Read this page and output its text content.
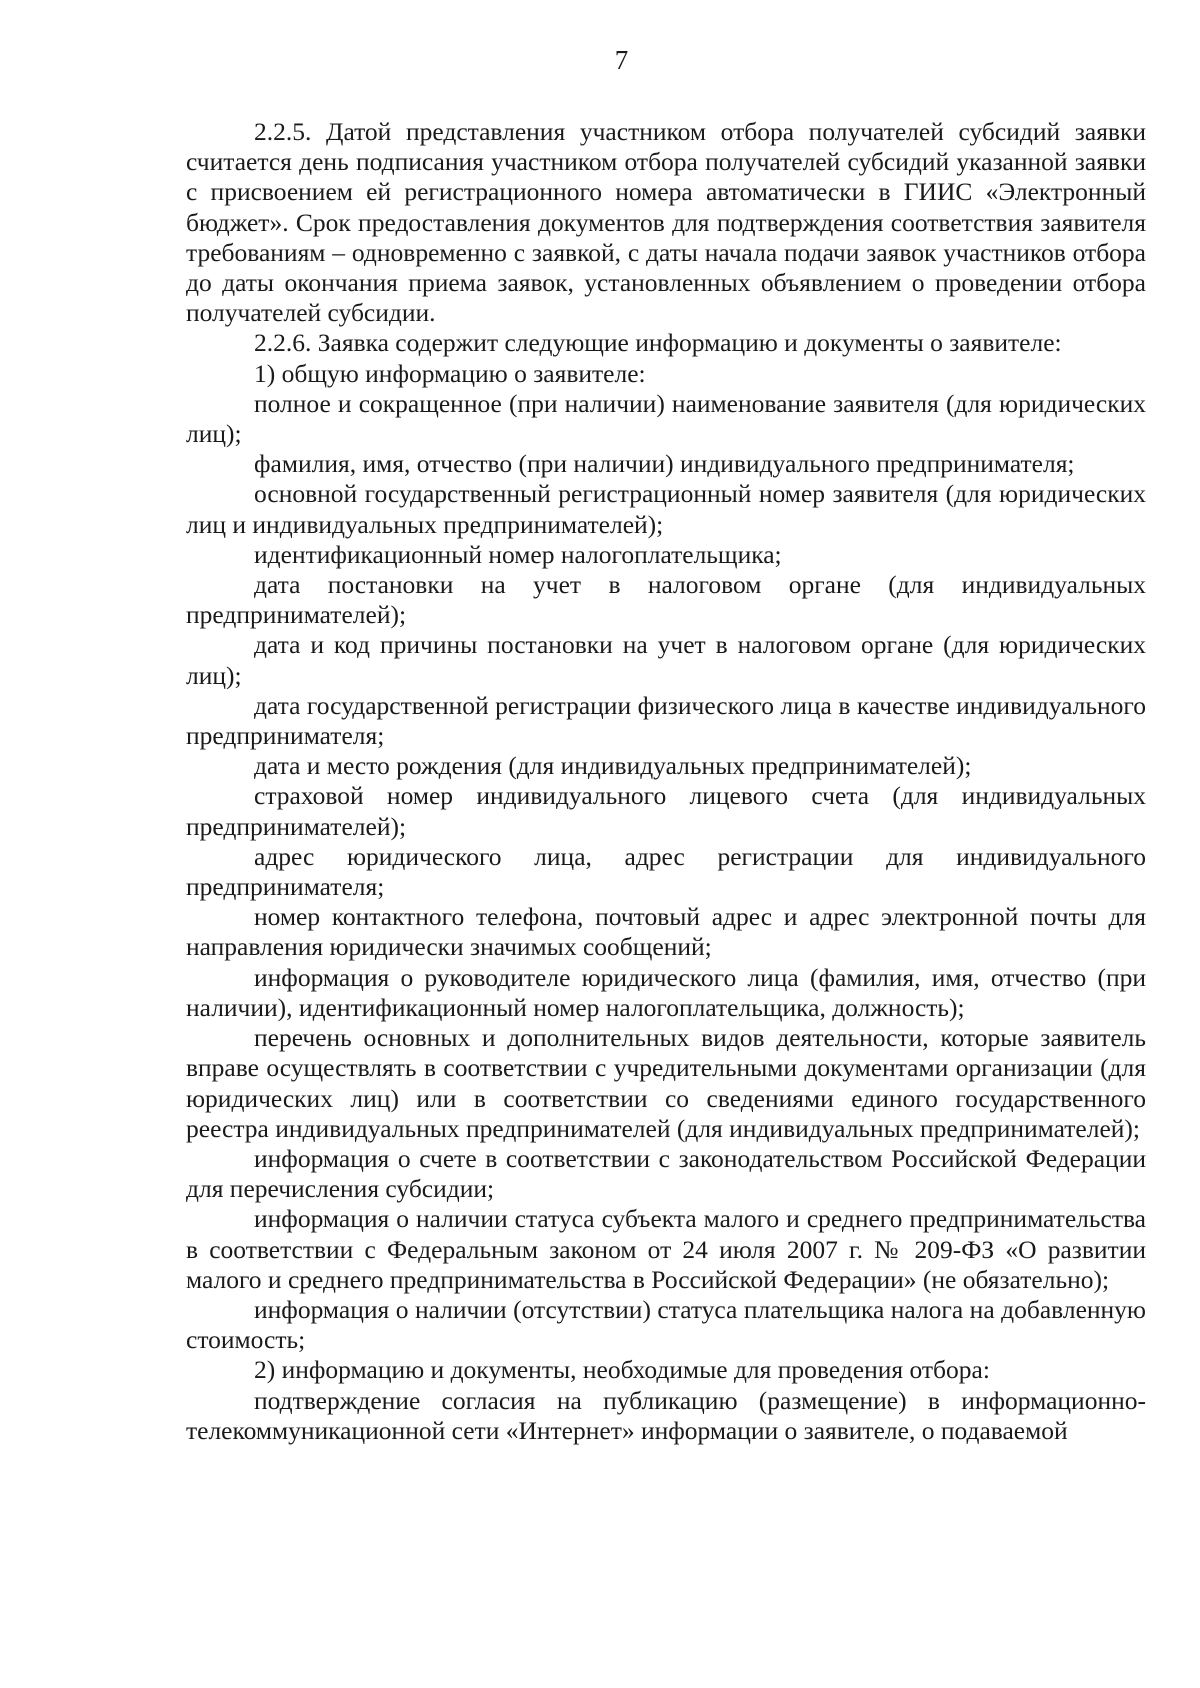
7

2.2.5. Датой представления участником отбора получателей субсидий заявки считается день подписания участником отбора получателей субсидий указанной заявки с присвоением ей регистрационного номера автоматически в ГИИС «Электронный бюджет». Срок предоставления документов для подтверждения соответствия заявителя требованиям – одновременно с заявкой, с даты начала подачи заявок участников отбора до даты окончания приема заявок, установленных объявлением о проведении отбора получателей субсидии.

2.2.6. Заявка содержит следующие информацию и документы о заявителе:

1) общую информацию о заявителе:

полное и сокращенное (при наличии) наименование заявителя (для юридических лиц);

фамилия, имя, отчество (при наличии) индивидуального предпринимателя;

основной государственный регистрационный номер заявителя (для юридических лиц и индивидуальных предпринимателей);

идентификационный номер налогоплательщика;

дата постановки на учет в налоговом органе (для индивидуальных предпринимателей);

дата и код причины постановки на учет в налоговом органе (для юридических лиц);

дата государственной регистрации физического лица в качестве индивидуального предпринимателя;

дата и место рождения (для индивидуальных предпринимателей);

страховой номер индивидуального лицевого счета (для индивидуальных предпринимателей);

адрес юридического лица, адрес регистрации для индивидуального предпринимателя;

номер контактного телефона, почтовый адрес и адрес электронной почты для направления юридически значимых сообщений;

информация о руководителе юридического лица (фамилия, имя, отчество (при наличии), идентификационный номер налогоплательщика, должность);

перечень основных и дополнительных видов деятельности, которые заявитель вправе осуществлять в соответствии с учредительными документами организации (для юридических лиц) или в соответствии со сведениями единого государственного реестра индивидуальных предпринимателей (для индивидуальных предпринимателей);

информация о счете в соответствии с законодательством Российской Федерации для перечисления субсидии;

информация о наличии статуса субъекта малого и среднего предпринимательства в соответствии с Федеральным законом от 24 июля 2007 г. № 209-ФЗ «О развитии малого и среднего предпринимательства в Российской Федерации» (не обязательно);

информация о наличии (отсутствии) статуса плательщика налога на добавленную стоимость;

2) информацию и документы, необходимые для проведения отбора:

подтверждение согласия на публикацию (размещение) в информационно-телекоммуникационной сети «Интернет» информации о заявителе, о подаваемой
